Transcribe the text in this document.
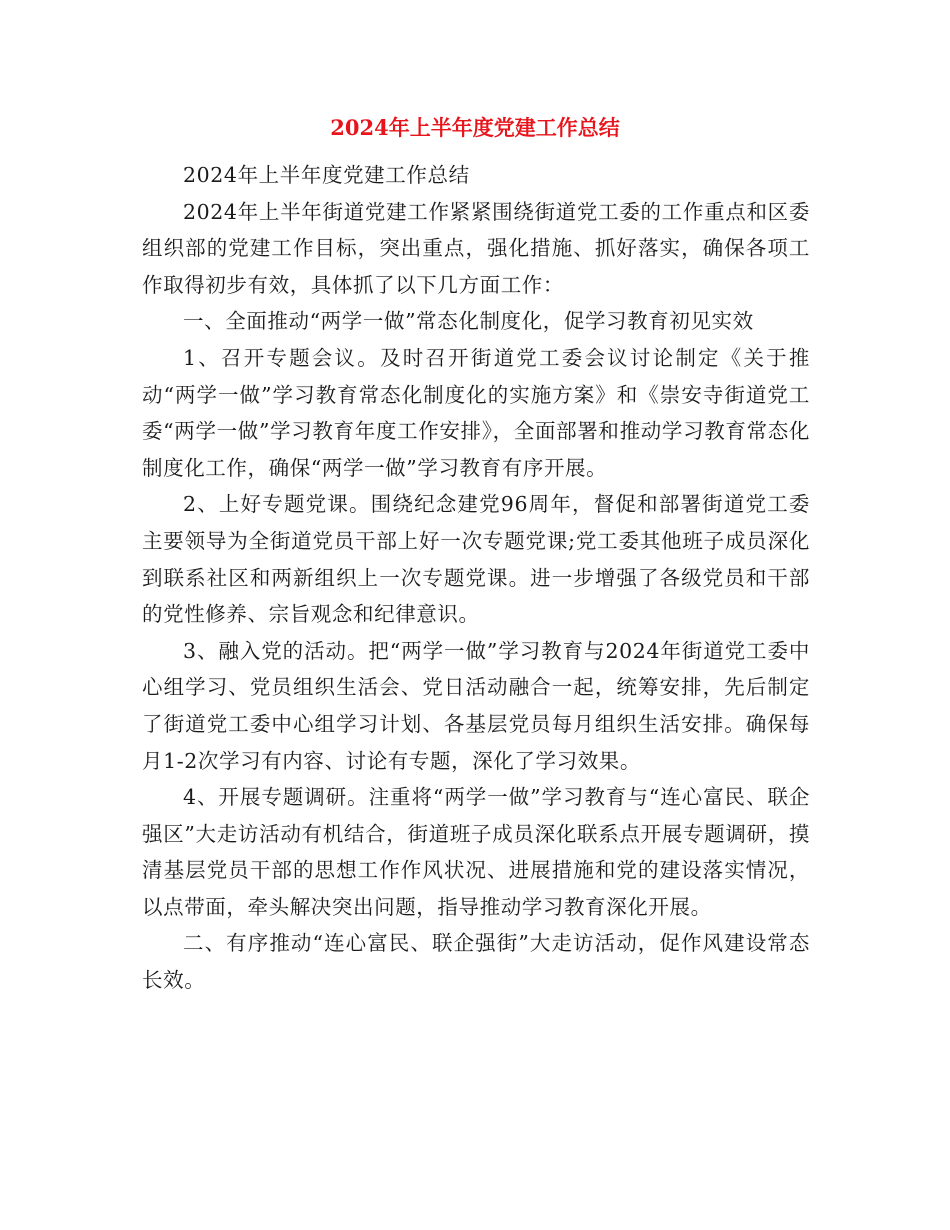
2024年上半年度党建工作总结

2024年上半年度党建工作总结

2024年上半年街道党建工作紧紧围绕街道党工委的工作重点和区委组织部的党建工作目标，突出重点，强化措施、抓好落实，确保各项工作取得初步有效，具体抓了以下几方面工作：

一、全面推动“两学一做”常态化制度化，促学习教育初见实效

1、召开专题会议。及时召开街道党工委会议讨论制定《关于推动“两学一做”学习教育常态化制度化的实施方案》和《崇安寺街道党工委“两学一做”学习教育年度工作安排》，全面部署和推动学习教育常态化制度化工作，确保“两学一做”学习教育有序开展。

2、上好专题党课。围绕纪念建党96周年，督促和部署街道党工委主要领导为全街道党员干部上好一次专题党课;党工委其他班子成员深化到联系社区和两新组织上一次专题党课。进一步增强了各级党员和干部的党性修养、宗旨观念和纪律意识。

3、融入党的活动。把“两学一做”学习教育与2024年街道党工委中心组学习、党员组织生活会、党日活动融合一起，统筹安排，先后制定了街道党工委中心组学习计划、各基层党员每月组织生活安排。确保每月1-2次学习有内容、讨论有专题，深化了学习效果。

4、开展专题调研。注重将“两学一做”学习教育与“连心富民、联企强区”大走访活动有机结合，街道班子成员深化联系点开展专题调研，摸清基层党员干部的思想工作作风状况、进展措施和党的建设落实情况，以点带面，牵头解决突出问题，指导推动学习教育深化开展。

二、有序推动“连心富民、联企强街”大走访活动，促作风建设常态长效。
